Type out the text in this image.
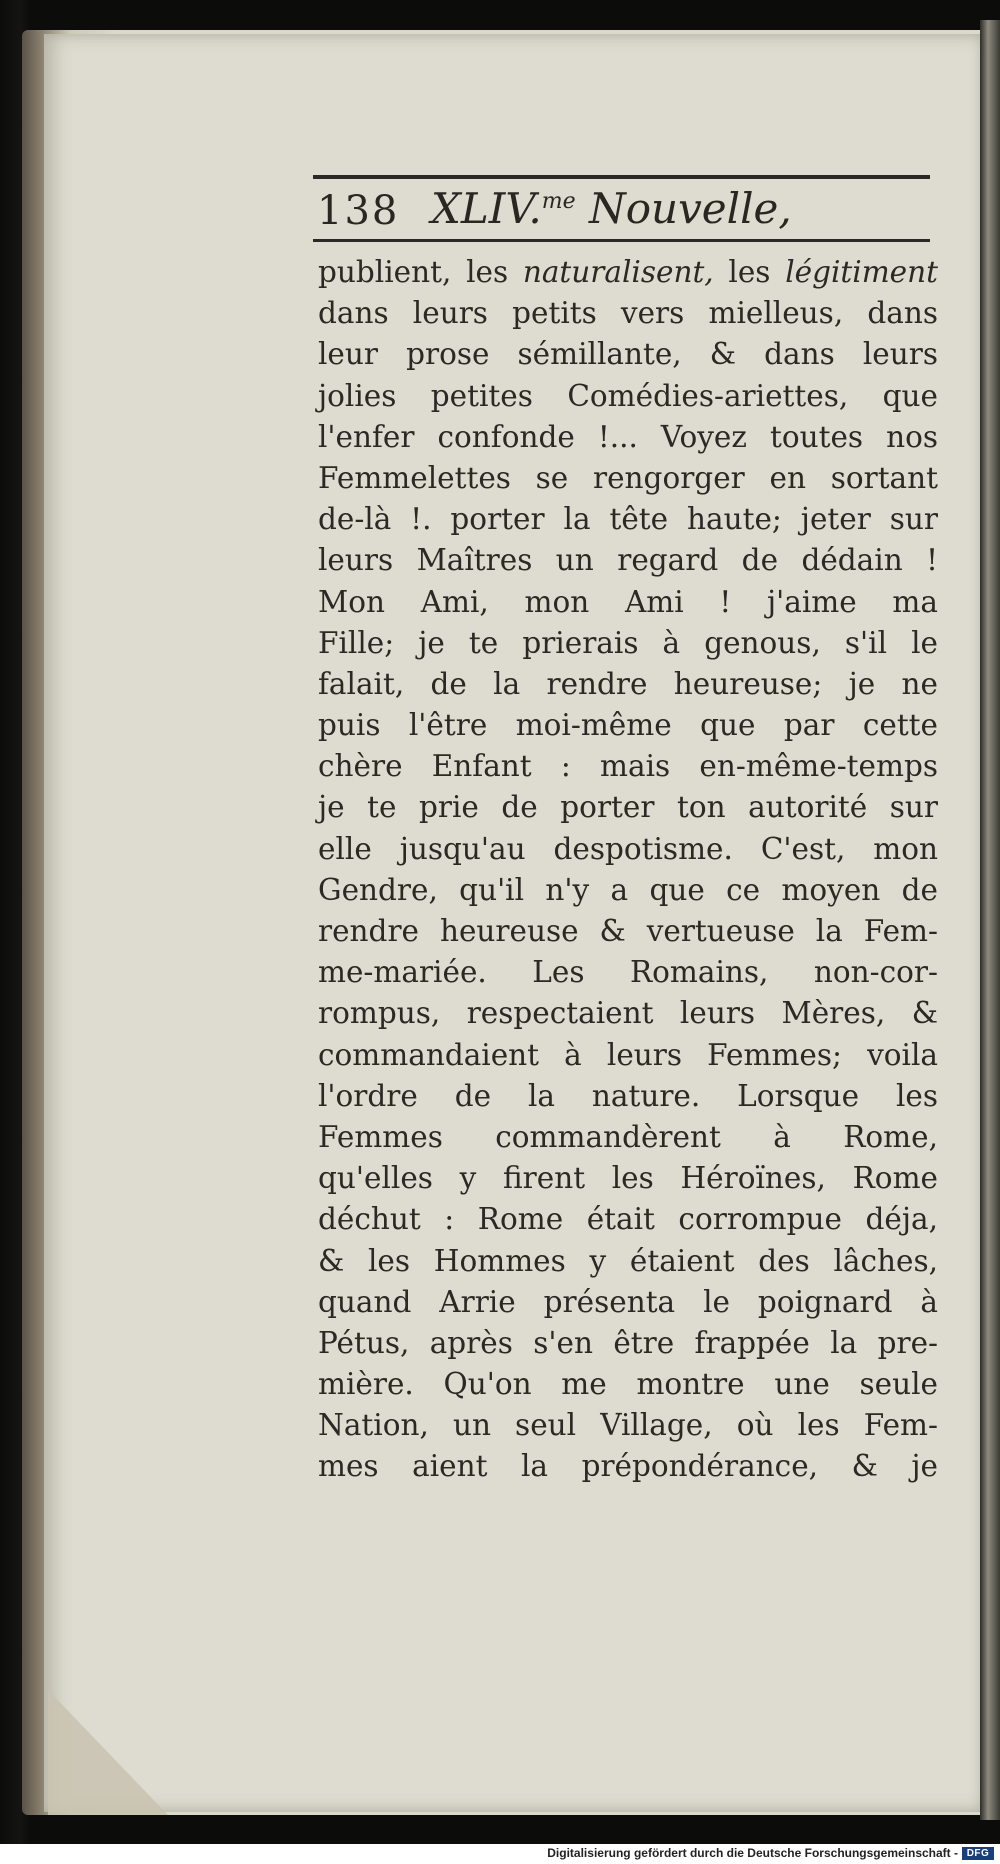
138 XLIV.$^{me}$ Nouvelle,
publient, les naturalisent, les légitiment
dans leurs petits vers mielleus, dans
leur prose sémillante, & dans leurs
jolies petites Comédies-ariettes, que
l'enfer confonde !... Voyez toutes nos
Femmelettes se rengorger en sortant
de-là !. porter la tête haute; jeter sur
leurs Maîtres un regard de dédain !
Mon Ami, mon Ami ! j'aime ma
Fille; je te prierais à genous, s'il le
falait, de la rendre heureuse; je ne
puis l'être moi-même que par cette
chère Enfant : mais en-même-temps
je te prie de porter ton autorité sur
elle jusqu'au despotisme. C'est, mon
Gendre, qu'il n'y a que ce moyen de
rendre heureuse & vertueuse la Fem-
me-mariée. Les Romains, non-cor-
rompus, respectaient leurs Mères, &
commandaient à leurs Femmes; voila
l'ordre de la nature. Lorsque les
Femmes commandèrent à Rome,
qu'elles y firent les Héroïnes, Rome
déchut : Rome était corrompue déja,
& les Hommes y étaient des lâches,
quand Arrie présenta le poignard à
Pétus, après s'en être frappée la pre-
mière. Qu'on me montre une seule
Nation, un seul Village, où les Fem-
mes aient la prépondérance, & je
Digitalisierung gefördert durch die Deutsche Forschungsgemeinschaft - DFG
